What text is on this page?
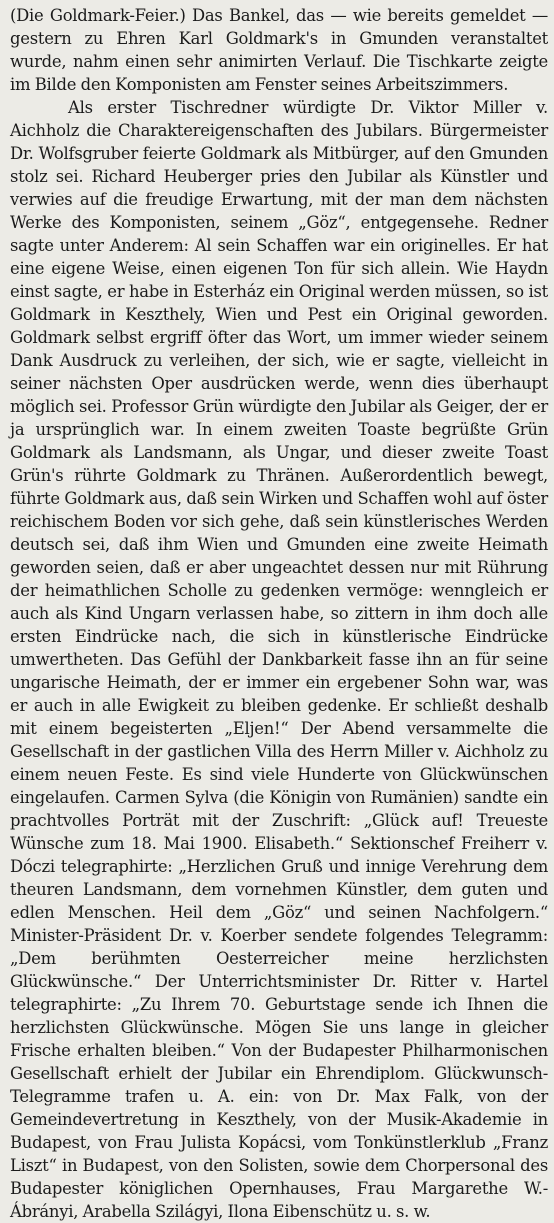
(Die Goldmark-Feier.) Das Bankel, das — wie bereits gemeldet — gestern zu Ehren Karl Goldmark's in Gmunden veranstaltet wurde, nahm einen sehr animirten Verlauf. Die Tischkarte zeigte im Bilde den Komponisten am Fenster seines Arbeitszimmers.

Als erster Tischredner würdigte Dr. Viktor Miller v. Aichholz die Charaktereigenschaften des Jubilars. Bürgermeister Dr. Wolfsgruber feierte Goldmark als Mitbürger, auf den Gmunden stolz sei. Richard Heuberger pries den Jubilar als Künstler und verwies auf die freudige Erwartung, mit der man dem nächsten Werke des Komponisten, seinem „Göz“, entgegensehe. Redner sagte unter Anderem: Al sein Schaffen war ein originelles. Er hat eine eigene Weise, einen eigenen Ton für sich allein. Wie Haydn einst sagte, er habe in Esterház ein Original werden müssen, so ist Goldmark in Keszthely, Wien und Pest ein Original geworden. Goldmark selbst ergriff öfter das Wort, um immer wieder seinem Dank Ausdruck zu verleihen, der sich, wie er sagte, vielleicht in seiner nächsten Oper ausdrücken werde, wenn dies überhaupt möglich sei. Professor Grün würdigte den Jubilar als Geiger, der er ja ursprünglich war. In einem zweiten Toaste begrüßte Grün Goldmark als Landsmann, als Ungar, und dieser zweite Toast Grün's rührte Goldmark zu Thränen. Außerordentlich bewegt, führte Goldmark aus, daß sein Wirken und Schaffen wohl auf öster reichischem Boden vor sich gehe, daß sein künstlerisches Werden deutsch sei, daß ihm Wien und Gmunden eine zweite Heimath geworden seien, daß er aber ungeachtet dessen nur mit Rührung der heimathlichen Scholle zu gedenken vermöge: wenngleich er auch als Kind Ungarn verlassen habe, so zittern in ihm doch alle ersten Eindrücke nach, die sich in künstlerische Eindrücke umwertheten. Das Gefühl der Dankbarkeit fasse ihn an für seine ungarische Heimath, der er immer ein ergebener Sohn war, was er auch in alle Ewigkeit zu bleiben gedenke. Er schließt deshalb mit einem begeisterten „Eljen!“ Der Abend versammelte die Gesellschaft in der gastlichen Villa des Herrn Miller v. Aichholz zu einem neuen Feste. Es sind viele Hunderte von Glückwünschen eingelaufen. Carmen Sylva (die Königin von Rumänien) sandte ein prachtvolles Porträt mit der Zuschrift: „Glück auf! Treueste Wünsche zum 18. Mai 1900. Elisabeth.“ Sektionschef Freiherr v. Dóczi telegraphirte: „Herzlichen Gruß und innige Verehrung dem theuren Landsmann, dem vornehmen Künstler, dem guten und edlen Menschen. Heil dem „Göz“ und seinen Nachfolgern.“ Minister-Präsident Dr. v. Koerber sendete folgendes Telegramm: „Dem berühmten Oesterreicher meine herzlichsten Glückwünsche.“ Der Unterrichtsminister Dr. Ritter v. Hartel telegraphirte: „Zu Ihrem 70. Geburtstage sende ich Ihnen die herzlichsten Glückwünsche. Mögen Sie uns lange in gleicher Frische erhalten bleiben.“ Von der Budapester Philharmonischen Gesellschaft erhielt der Jubilar ein Ehrendiplom. Glückwunsch-Telegramme trafen u. A. ein: von Dr. Max Falk, von der Gemeindevertretung in Keszthely, von der Musik-Akademie in Budapest, von Frau Julista Kopácsi, vom Tonkünstlerklub „Franz Liszt“ in Budapest, von den Solisten, sowie dem Chorpersonal des Budapester königlichen Opernhauses, Frau Margarethe W.-Ábrányi, Arabella Szilágyi, Ilona Eibenschütz u. s. w.
